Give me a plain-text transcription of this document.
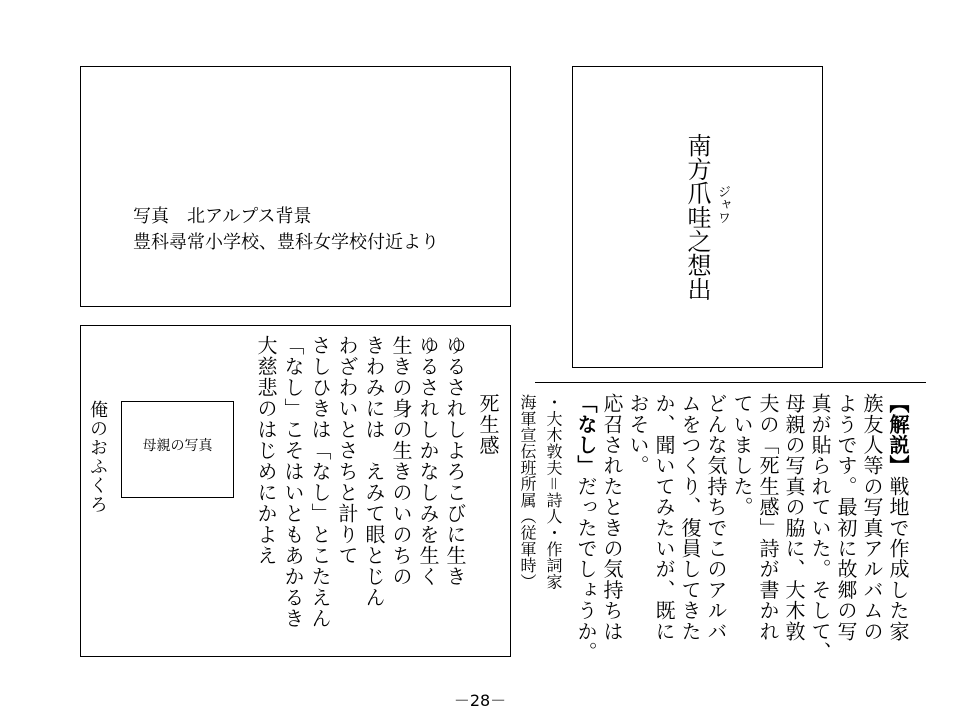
写真　北アルプス背景
豊科尋常小学校、豊科女学校付近より	南方爪哇之想出 ジャワ
俺のおふくろ 母親の写真	死生感
ゆるされしよろこびに生き
ゆるされしかなしみを生く
生きの身の生きのいのちの
きわみには　えみて眼とじん
わざわいとさちと計りて
さしひきは「なし」とこたえん
「なし」こそはいともあかるき
大慈悲のはじめにかよえ	【解説】戦地で作成した家
族友人等の写真アルバムの
ようです。最初に故郷の写
真が貼られていた。そして、
母親の写真の脇に、大木敦
夫の「死生感」詩が書かれ
ていました。
どんな気持ちでこのアルバ
ムをつくり、復員してきた
か、聞いてみたいが、既に
おそい。
応召されたときの気持ちは
「なし」だったでしょうか。
・大木敦夫＝詩人・作詞家
海軍宣伝班所属（従軍時）
－28－
